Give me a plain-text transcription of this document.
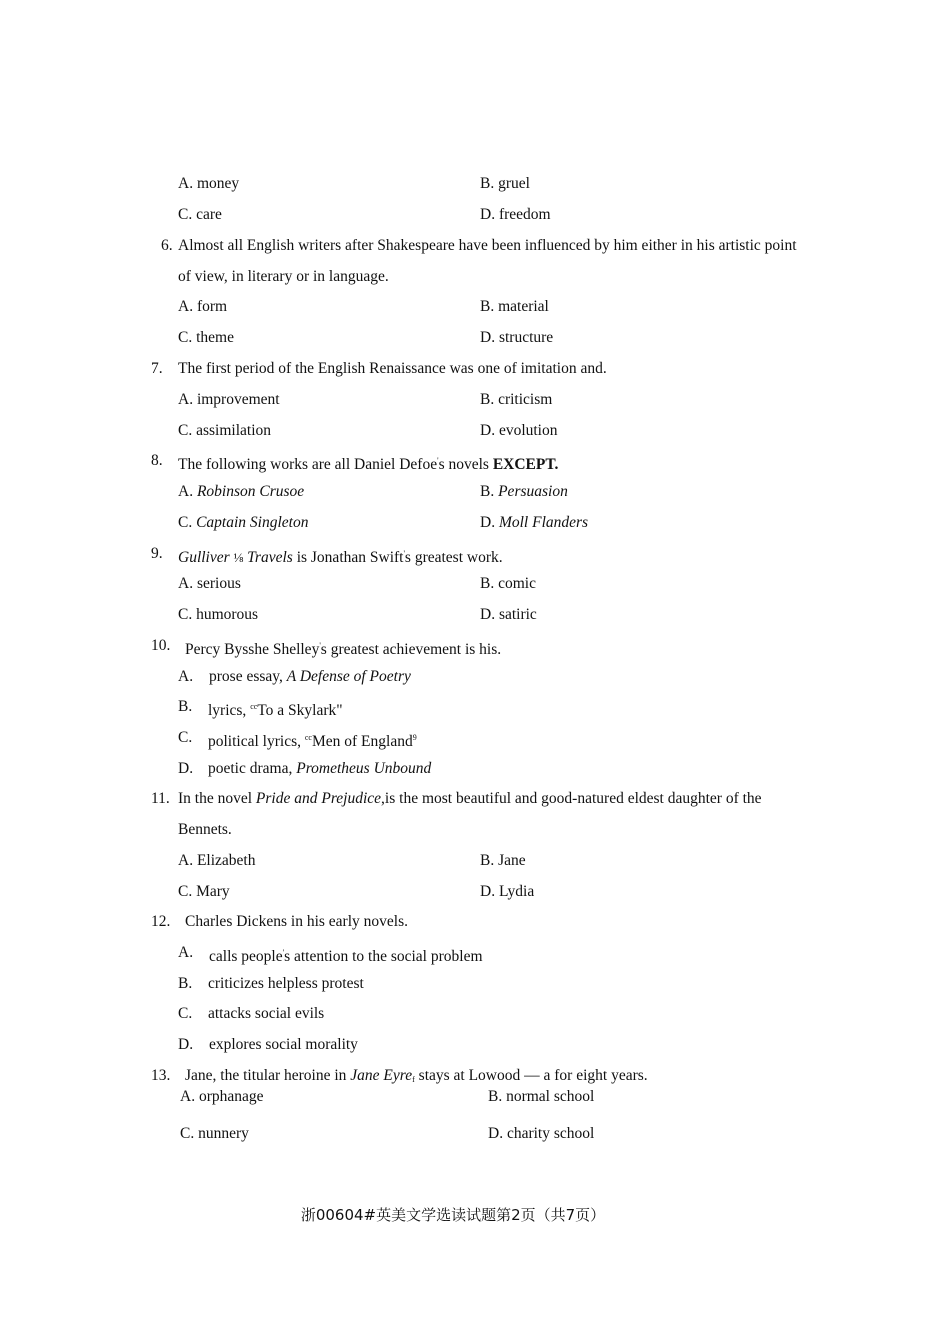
A. money	B. gruel
C. care	D. freedom
6. Almost all English writers after Shakespeare have been influenced by him either in his artistic point
of view, in literary or in language.
A. form	B. material
C. theme	D. structure
7. The first period of the English Renaissance was one of imitation and.
A. improvement	B. criticism
C. assimilation	D. evolution
8. The following works are all Daniel Defoe's novels EXCEPT.
A. Robinson Crusoe	B. Persuasion
C. Captain Singleton	D. Moll Flanders
9. Gulliver ⅛ Travels is Jonathan Swift's greatest work.
A. serious	B. comic
C. humorous	D. satiric
10. Percy Bysshe Shelley's greatest achievement is his.
A. prose essay, A Defense of Poetry
B. lyrics, $^{cc}$To a Skylark"
C. political lyrics, $^{cc}$Men of England$^9$
D. poetic drama, Prometheus Unbound
11. In the novel Pride and Prejudice,is the most beautiful and good-natured eldest daughter of the
Bennets.
A. Elizabeth	B. Jane
C. Mary	D. Lydia
12. Charles Dickens in his early novels.
A. calls people's attention to the social problem
B. criticizes helpless protest
C. attacks social evils
D. explores social morality
13. Jane, the titular heroine in Jane Eyre$_f$ stays at Lowood — a for eight years.
A. orphanage	B. normal school
C. nunnery	D. charity school
浙00604#英美文学选读试题第2页（共7页）
